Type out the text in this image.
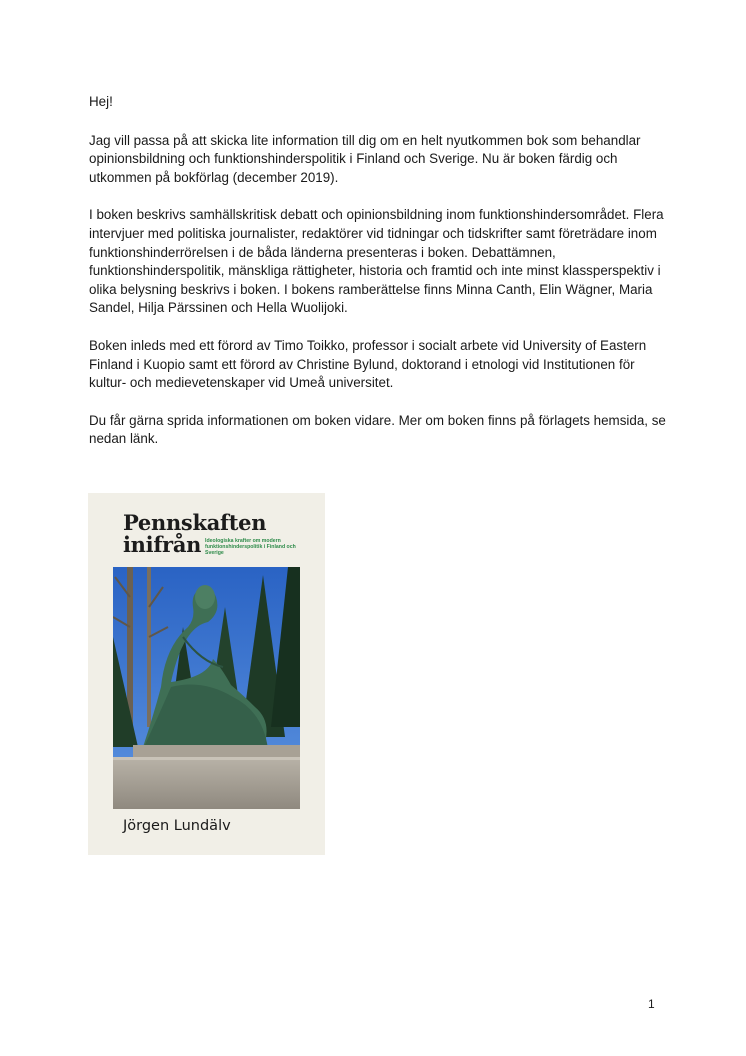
Hej!

Jag vill passa på att skicka lite information till dig om en helt nyutkommen bok som behandlar opinionsbildning och funktionshinderspolitik i Finland och Sverige. Nu är boken färdig och utkommen på bokförlag (december 2019).

I boken beskrivs samhällskritisk debatt och opinionsbildning inom funktionshindersområdet. Flera intervjuer med politiska journalister, redaktörer vid tidningar och tidskrifter samt företrädare inom funktionshinderrörelsen i de båda länderna presenteras i boken. Debattämnen, funktionshinderspolitik, mänskliga rättigheter, historia och framtid och inte minst klassperspektiv i olika belysning beskrivs i boken. I bokens ramberättelse finns Minna Canth, Elin Wägner, Maria Sandel, Hilja Pärssinen och Hella Wuolijoki.

Boken inleds med ett förord av Timo Toikko, professor i socialt arbete vid University of Eastern Finland i Kuopio samt ett förord av Christine Bylund, doktorand i etnologi vid Institutionen för kultur- och medievetenskaper vid Umeå universitet.

Du får gärna sprida informationen om boken vidare. Mer om boken finns på förlagets hemsida, se nedan länk.

Pennskaften
inifrån Ideologiska krafter om modern funktionshinderspolitik i Finland och Sverige
Jörgen Lundälv
1
